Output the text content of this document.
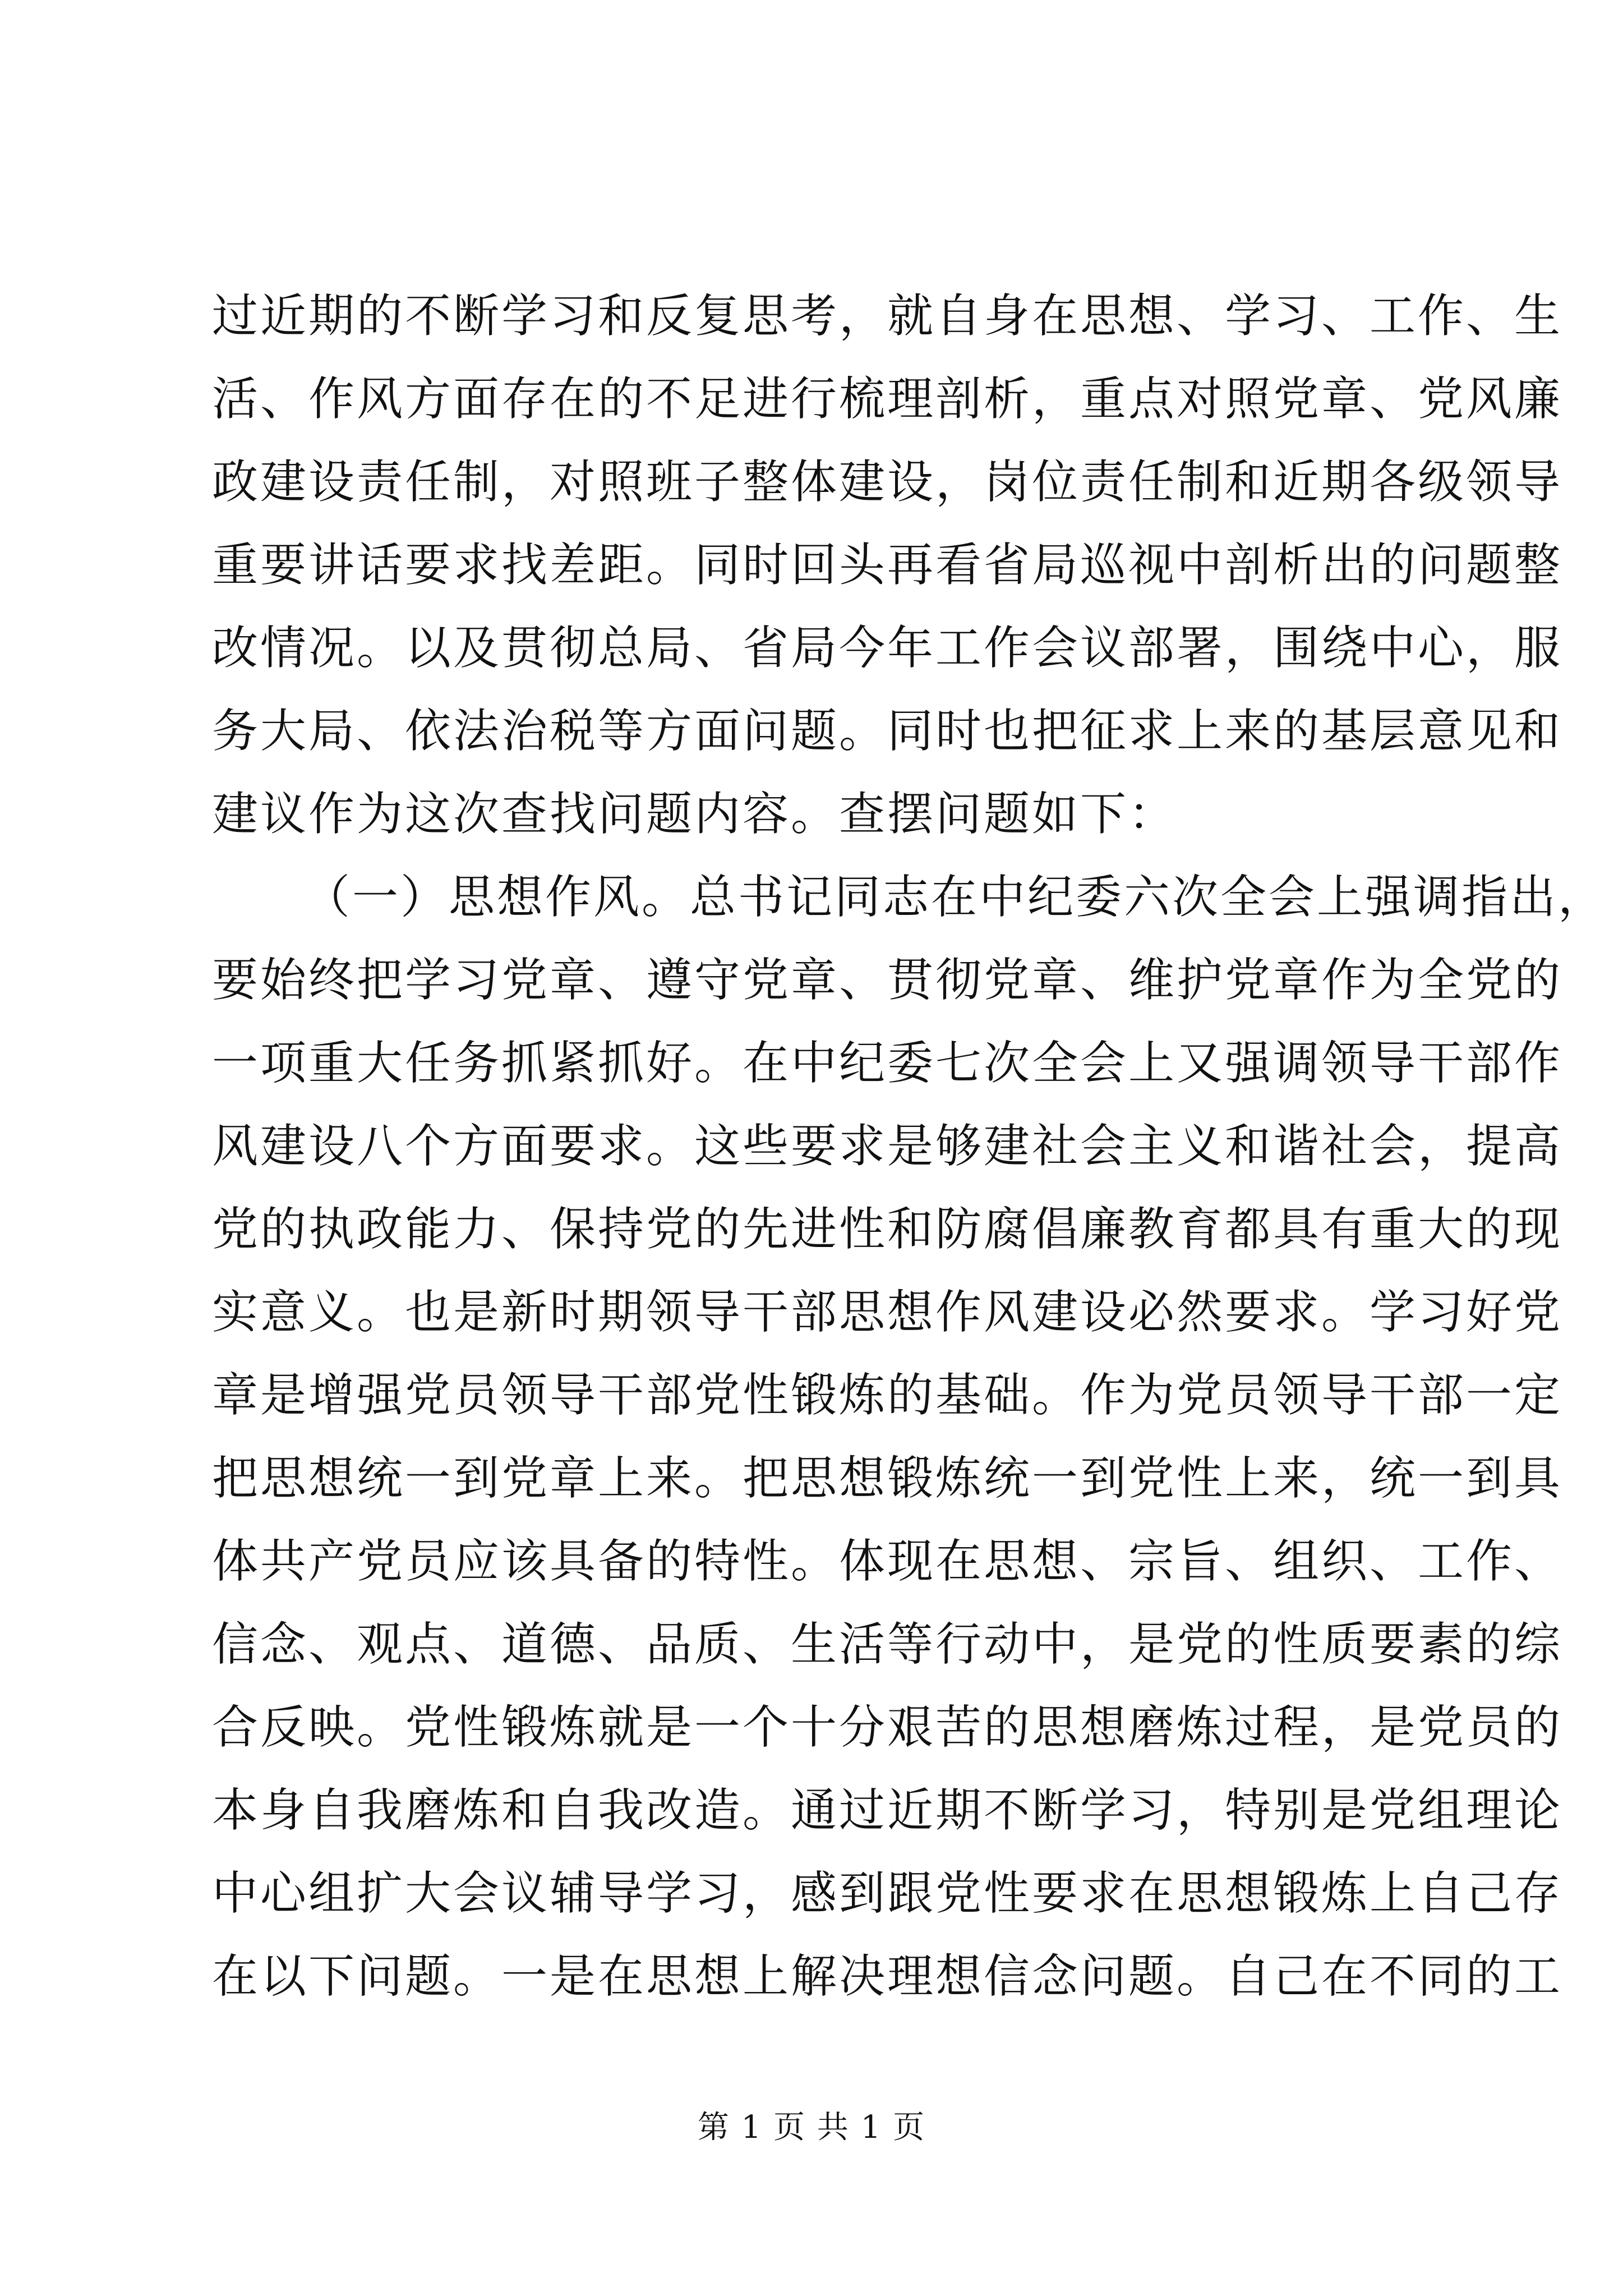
过近期的不断学习和反复思考，就自身在思想、学习、工作、生
活、作风方面存在的不足进行梳理剖析，重点对照党章、党风廉
政建设责任制，对照班子整体建设，岗位责任制和近期各级领导
重要讲话要求找差距。同时回头再看省局巡视中剖析出的问题整
改情况。以及贯彻总局、省局今年工作会议部署，围绕中心，服
务大局、依法治税等方面问题。同时也把征求上来的基层意见和
建议作为这次查找问题内容。查摆问题如下：
（一）思想作风。总书记同志在中纪委六次全会上强调指出，
要始终把学习党章、遵守党章、贯彻党章、维护党章作为全党的
一项重大任务抓紧抓好。在中纪委七次全会上又强调领导干部作
风建设八个方面要求。这些要求是够建社会主义和谐社会，提高
党的执政能力、保持党的先进性和防腐倡廉教育都具有重大的现
实意义。也是新时期领导干部思想作风建设必然要求。学习好党
章是增强党员领导干部党性锻炼的基础。作为党员领导干部一定
把思想统一到党章上来。把思想锻炼统一到党性上来，统一到具
体共产党员应该具备的特性。体现在思想、宗旨、组织、工作、
信念、观点、道德、品质、生活等行动中，是党的性质要素的综
合反映。党性锻炼就是一个十分艰苦的思想磨炼过程，是党员的
本身自我磨炼和自我改造。通过近期不断学习，特别是党组理论
中心组扩大会议辅导学习，感到跟党性要求在思想锻炼上自己存
在以下问题。一是在思想上解决理想信念问题。自己在不同的工
第 1 页 共 1 页
